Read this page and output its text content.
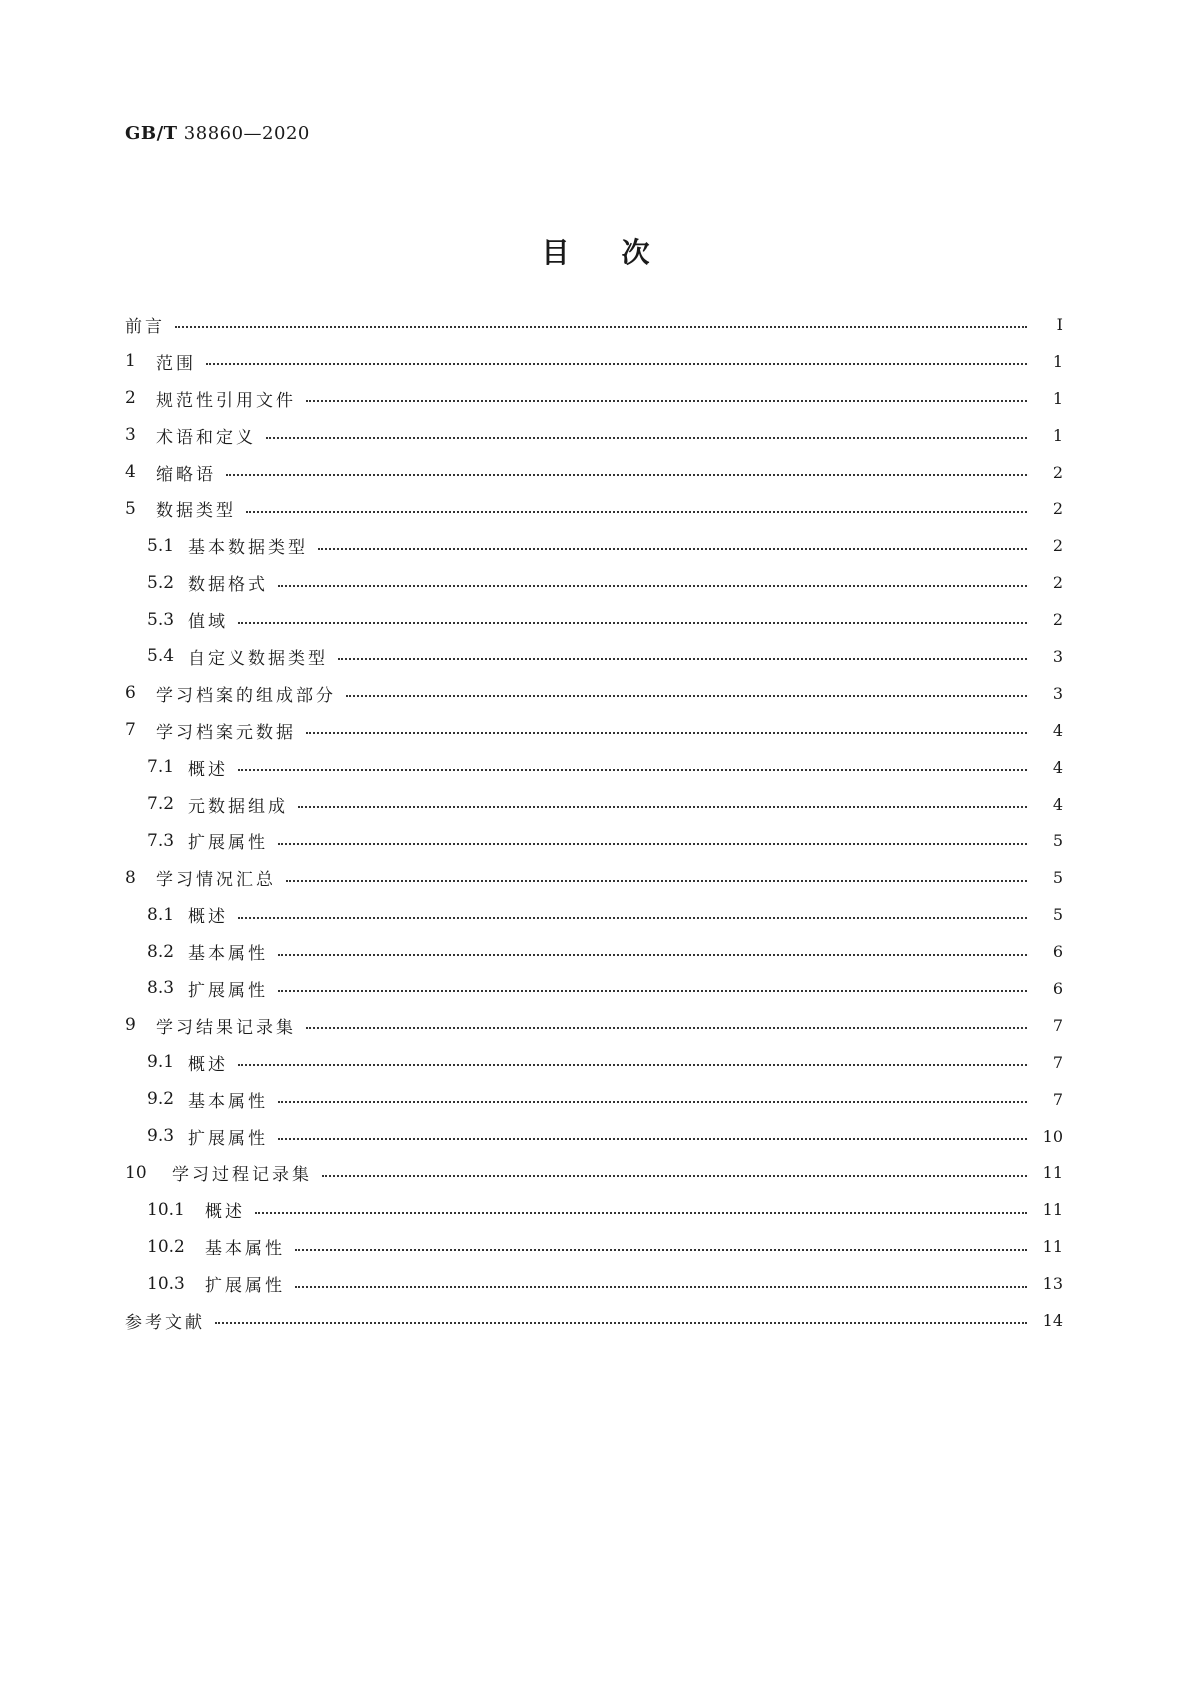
GB/T 38860—2020
目次
前言	I
1	范围	1
2	规范性引用文件	1
3	术语和定义	1
4	缩略语	2
5	数据类型	2
5.1 基本数据类型	2
5.2 数据格式	2
5.3 值域	2
5.4 自定义数据类型	3
6	学习档案的组成部分	3
7	学习档案元数据	4
7.1 概述	4
7.2 元数据组成	4
7.3 扩展属性	5
8	学习情况汇总	5
8.1 概述	5
8.2 基本属性	6
8.3 扩展属性	6
9	学习结果记录集	7
9.1 概述	7
9.2 基本属性	7
9.3 扩展属性	10
10	学习过程记录集	11
10.1	概述	11
10.2	基本属性	11
10.3	扩展属性	13
参考文献	14
